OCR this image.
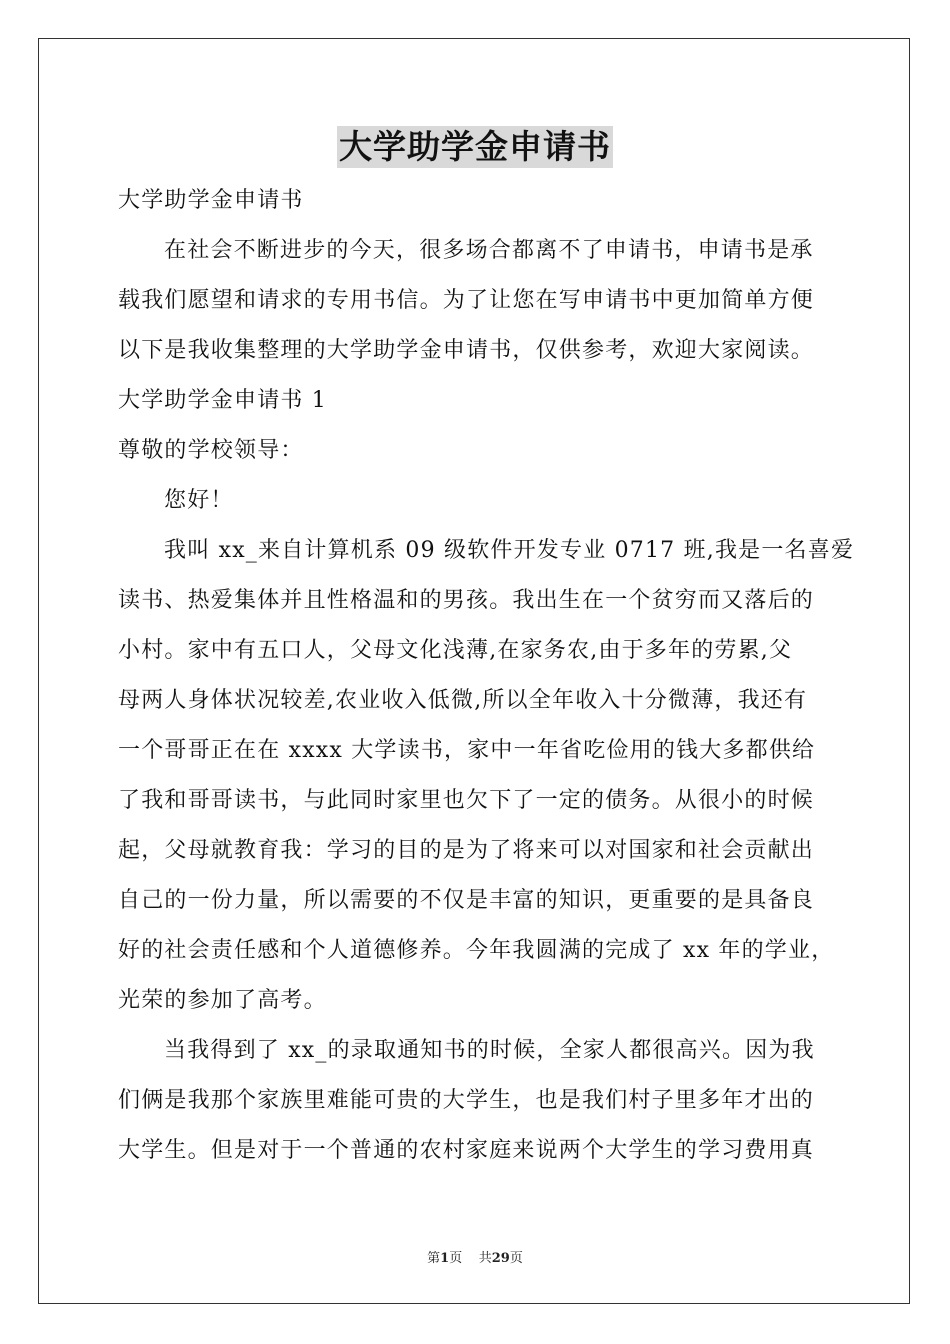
大学助学金申请书
大学助学金申请书
在社会不断进步的今天，很多场合都离不了申请书，申请书是承
载我们愿望和请求的专用书信。为了让您在写申请书中更加简单方便
以下是我收集整理的大学助学金申请书，仅供参考，欢迎大家阅读。
大学助学金申请书 1
尊敬的学校领导：
您好！
我叫 xx_来自计算机系 09 级软件开发专业 0717 班,我是一名喜爱
读书、热爱集体并且性格温和的男孩。我出生在一个贫穷而又落后的
小村。家中有五口人，父母文化浅薄,在家务农,由于多年的劳累,父
母两人身体状况较差,农业收入低微,所以全年收入十分微薄，我还有
一个哥哥正在在 xxxx 大学读书，家中一年省吃俭用的钱大多都供给
了我和哥哥读书，与此同时家里也欠下了一定的债务。从很小的时候
起，父母就教育我：学习的目的是为了将来可以对国家和社会贡献出
自己的一份力量，所以需要的不仅是丰富的知识，更重要的是具备良
好的社会责任感和个人道德修养。今年我圆满的完成了 xx 年的学业，
光荣的参加了高考。
当我得到了 xx_的录取通知书的时候，全家人都很高兴。因为我
们俩是我那个家族里难能可贵的大学生，也是我们村子里多年才出的
大学生。但是对于一个普通的农村家庭来说两个大学生的学习费用真
第1页 共29页
